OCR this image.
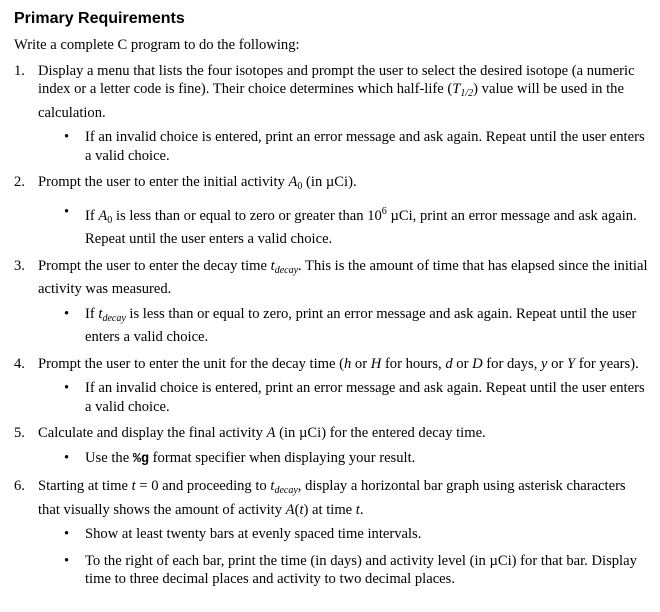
Primary Requirements
Write a complete C program to do the following:
1. Display a menu that lists the four isotopes and prompt the user to select the desired isotope (a numeric index or a letter code is fine). Their choice determines which half-life $(T_{1/2})$ value will be used in the calculation.
• If an invalid choice is entered, print an error message and ask again. Repeat until the user enters a valid choice.
2. Prompt the user to enter the initial activity $A_0$ (in µCi).
• If $A_0$ is less than or equal to zero or greater than $10^6$ µCi, print an error message and ask again. Repeat until the user enters a valid choice.
3. Prompt the user to enter the decay time $t_{decay}$. This is the amount of time that has elapsed since the initial activity was measured.
• If $t_{decay}$ is less than or equal to zero, print an error message and ask again. Repeat until the user enters a valid choice.
4. Prompt the user to enter the unit for the decay time (h or H for hours, d or D for days, y or Y for years).
• If an invalid choice is entered, print an error message and ask again. Repeat until the user enters a valid choice.
5. Calculate and display the final activity A (in µCi) for the entered decay time.
• Use the %g format specifier when displaying your result.
6. Starting at time t = 0 and proceeding to $t_{decay}$, display a horizontal bar graph using asterisk characters that visually shows the amount of activity A(t) at time t.
• Show at least twenty bars at evenly spaced time intervals.
• To the right of each bar, print the time (in days) and activity level (in µCi) for that bar. Display time to three decimal places and activity to two decimal places.
